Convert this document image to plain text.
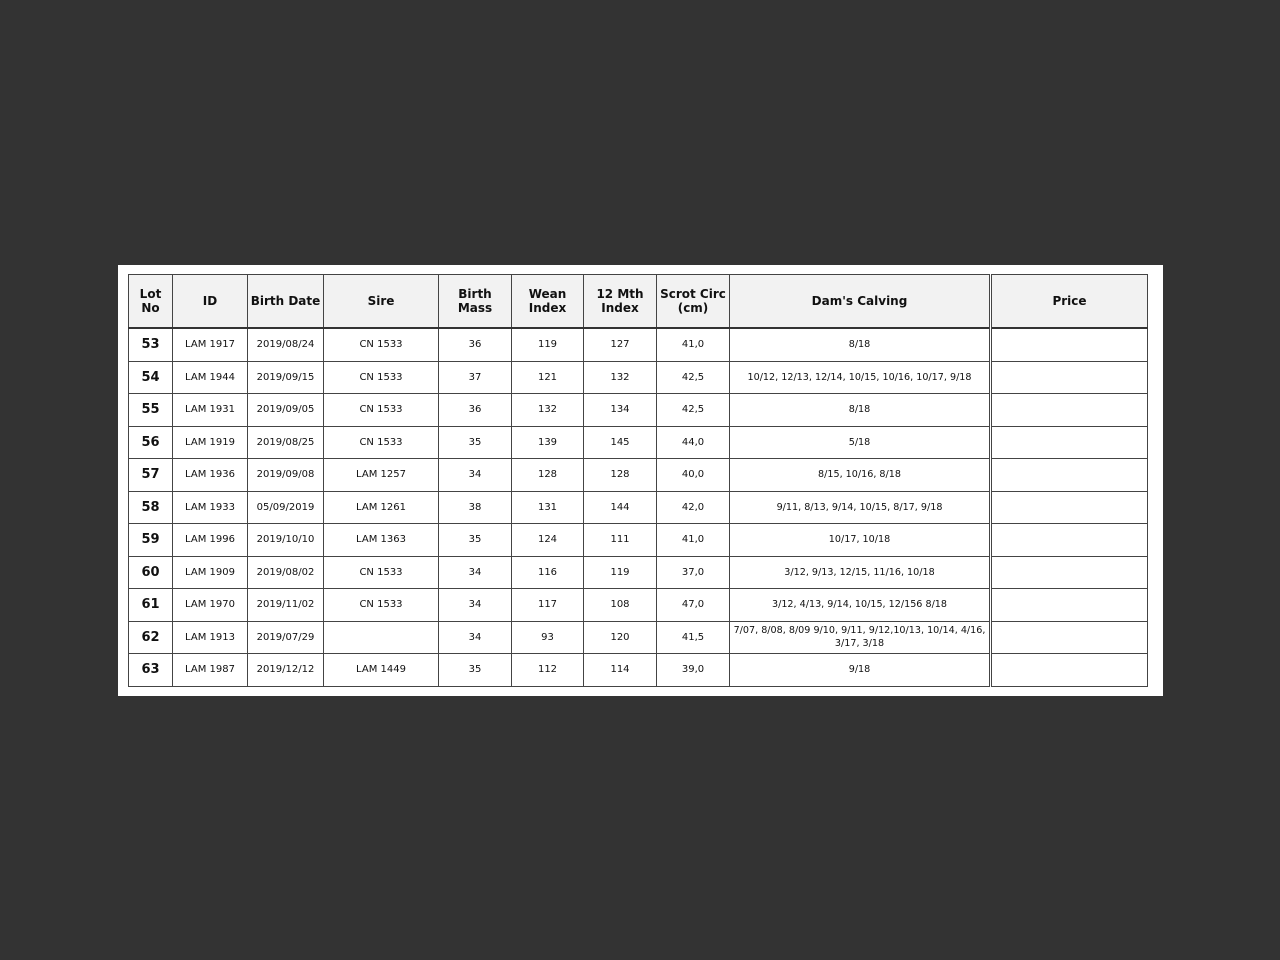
Lot No	ID	Birth Date	Sire	Birth Mass	Wean Index	12 Mth Index	Scrot Circ (cm)	Dam's Calving	Price
53	LAM 1917	2019/08/24	CN 1533	36	119	127	41,0	8/18	
54	LAM 1944	2019/09/15	CN 1533	37	121	132	42,5	10/12, 12/13, 12/14, 10/15, 10/16, 10/17, 9/18	
55	LAM 1931	2019/09/05	CN 1533	36	132	134	42,5	8/18	
56	LAM 1919	2019/08/25	CN 1533	35	139	145	44,0	5/18	
57	LAM 1936	2019/09/08	LAM 1257	34	128	128	40,0	8/15, 10/16, 8/18	
58	LAM 1933	05/09/2019	LAM 1261	38	131	144	42,0	9/11, 8/13, 9/14, 10/15, 8/17, 9/18	
59	LAM 1996	2019/10/10	LAM 1363	35	124	111	41,0	10/17, 10/18	
60	LAM 1909	2019/08/02	CN 1533	34	116	119	37,0	3/12, 9/13, 12/15, 11/16, 10/18	
61	LAM 1970	2019/11/02	CN 1533	34	117	108	47,0	3/12, 4/13, 9/14, 10/15, 12/156 8/18	
62	LAM 1913	2019/07/29		34	93	120	41,5	7/07, 8/08, 8/09 9/10, 9/11, 9/12,10/13, 10/14, 4/16, 3/17, 3/18	
63	LAM 1987	2019/12/12	LAM 1449	35	112	114	39,0	9/18	
